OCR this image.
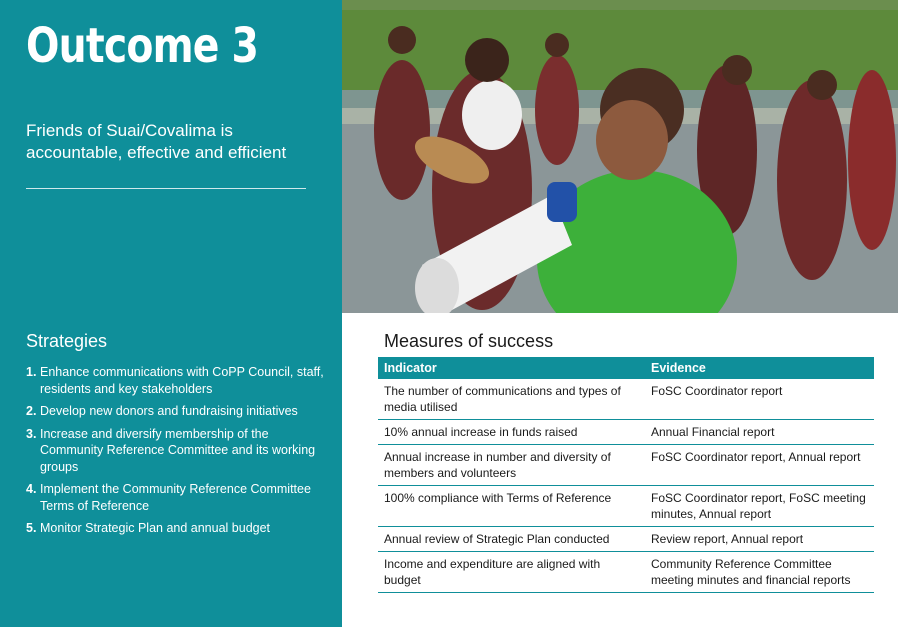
Outcome 3
Friends of Suai/Covalima is accountable, effective and efficient
Strategies
1. Enhance communications with CoPP Council, staff, residents and key stakeholders
2. Develop new donors and fundraising initiatives
3. Increase and diversify membership of the Community Reference Committee and its working groups
4. Implement the Community Reference Committee Terms of Reference
5. Monitor Strategic Plan and annual budget
Measures of success
Indicator	Evidence
The number of communications and types of media utilised	FoSC Coordinator report
10% annual increase in funds raised	Annual Financial report
Annual increase in number and diversity of members and volunteers	FoSC Coordinator report, Annual report
100% compliance with Terms of Reference	FoSC Coordinator report, FoSC meeting minutes, Annual report
Annual review of Strategic Plan conducted	Review report, Annual report
Income and expenditure are aligned with budget	Community Reference Committee meeting minutes and financial reports
